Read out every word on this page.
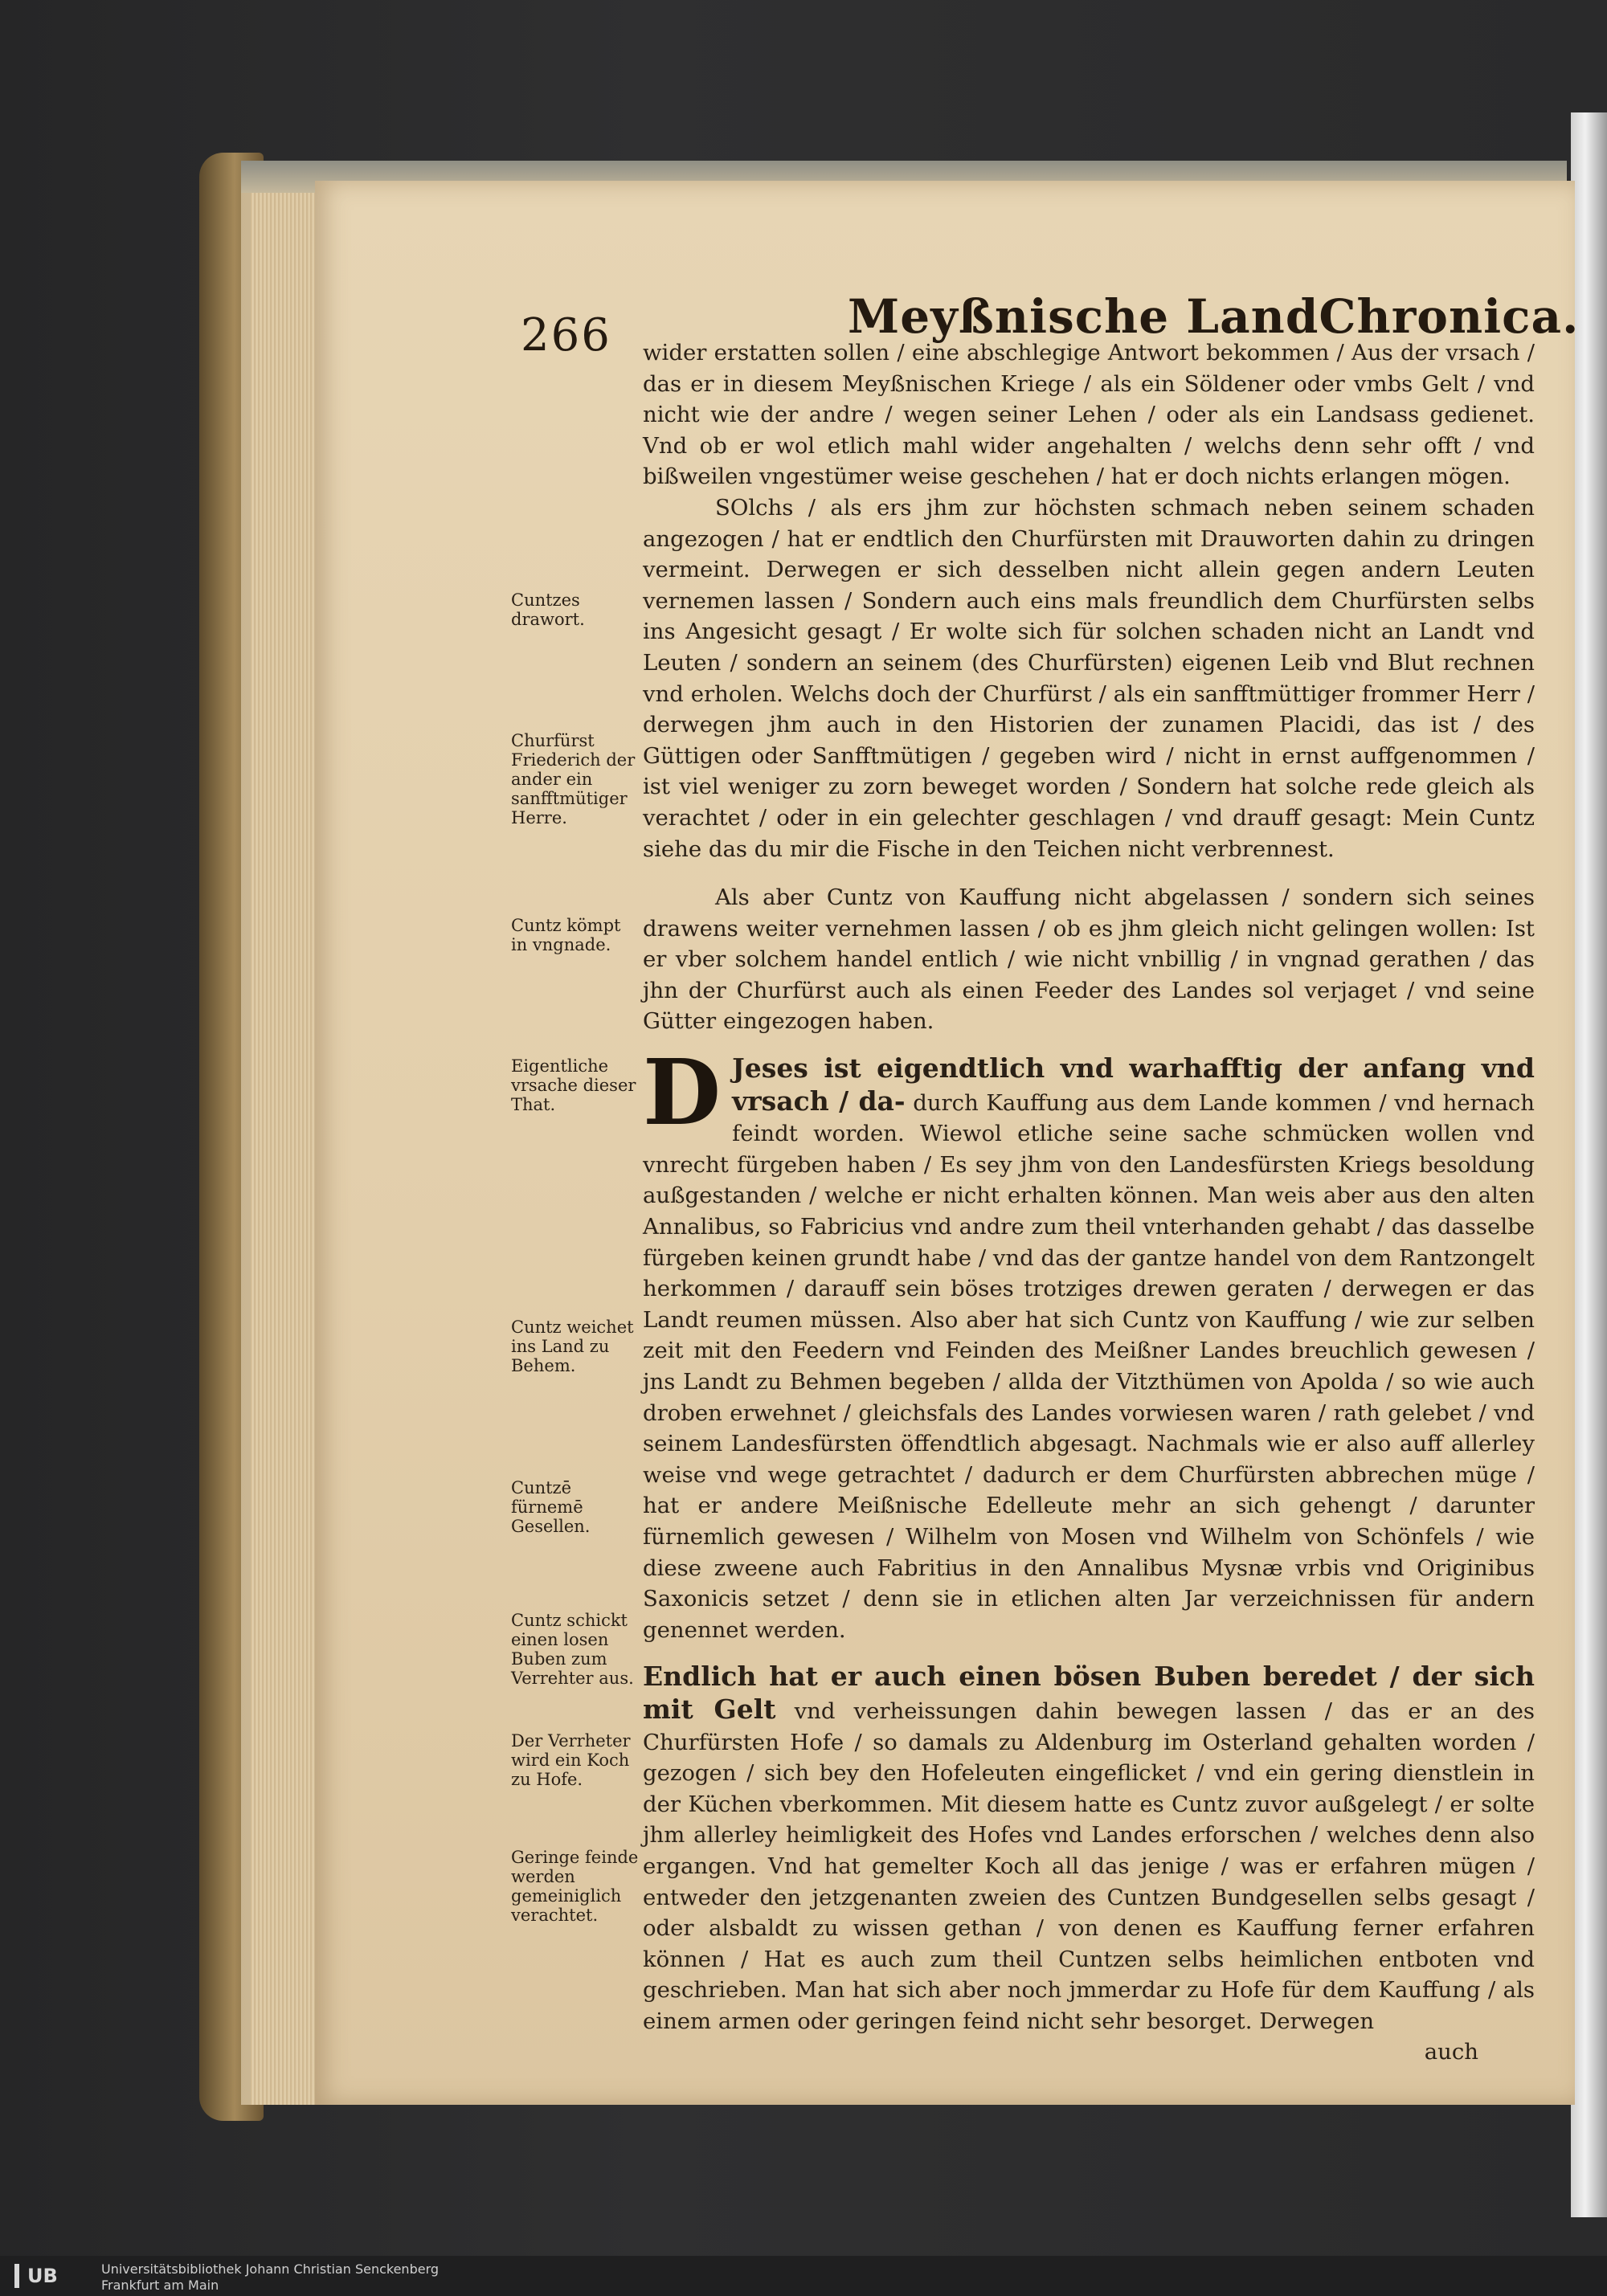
266	Meyßnische LandChronica.

wider erstatten sollen / eine abschlegige Antwort bekommen / Aus der vrsach / das er in diesem Meyßnischen Kriege / als ein Söldener oder vmbs Gelt / vnd nicht wie der andre / wegen seiner Lehen / oder als ein Landsass gedienet. Vnd ob er wol etlich mahl wider angehalten / welchs denn sehr offt / vnd bißweilen vngestümer weise geschehen / hat er doch nichts erlangen mögen.

SOlchs / als ers jhm zur höchsten schmach neben seinem schaden angezogen / hat er endtlich den Churfürsten mit Drauworten dahin zu dringen vermeint. Derwegen er sich desselben nicht allein gegen andern Leuten vernemen lassen / Sondern auch eins mals freundlich dem Churfürsten selbs ins Angesicht gesagt / Er wolte sich für solchen schaden nicht an Landt vnd Leuten / sondern an seinem (des Churfürsten) eigenen Leib vnd Blut rechnen vnd erholen. Welchs doch der Churfürst / als ein sanfftmüttiger frommer Herr / derwegen jhm auch in den Historien der zunamen Placidi, das ist / des Güttigen oder Sanfftmütigen / gegeben wird / nicht in ernst auffgenommen / ist viel weniger zu zorn beweget worden / Sondern hat solche rede gleich als verachtet / oder in ein gelechter geschlagen / vnd drauff gesagt: Mein Cuntz siehe das du mir die Fische in den Teichen nicht verbrennest.

Als aber Cuntz von Kauffung nicht abgelassen / sondern sich seines drawens weiter vernehmen lassen / ob es jhm gleich nicht gelingen wollen: Ist er vber solchem handel entlich / wie nicht vnbillig / in vngnad gerathen / das jhn der Churfürst auch als einen Feeder des Landes sol verjaget / vnd seine Gütter eingezogen haben.

D Jeses ist eigendtlich vnd warhafftig der anfang vnd vrsach / da- durch Kauffung aus dem Lande kommen / vnd hernach feindt worden. Wiewol etliche seine sache schmücken wollen vnd vnrecht fürgeben haben / Es sey jhm von den Landesfürsten Kriegs besoldung außgestanden / welche er nicht erhalten können. Man weis aber aus den alten Annalibus, so Fabricius vnd andre zum theil vnterhanden gehabt / das dasselbe fürgeben keinen grundt habe / vnd das der gantze handel von dem Rantzongelt herkommen / darauff sein böses trotziges drewen geraten / derwegen er das Landt reumen müssen. Also aber hat sich Cuntz von Kauffung / wie zur selben zeit mit den Feedern vnd Feinden des Meißner Landes breuchlich gewesen / jns Landt zu Behmen begeben / allda der Vitzthümen von Apolda / so wie auch droben erwehnet / gleichsfals des Landes vorwiesen waren / rath gelebet / vnd seinem Landesfürsten öffendtlich abgesagt. Nachmals wie er also auff allerley weise vnd wege getrachtet / dadurch er dem Churfürsten abbrechen müge / hat er andere Meißnische Edelleute mehr an sich gehengt / darunter fürnemlich gewesen / Wilhelm von Mosen vnd Wilhelm von Schönfels / wie diese zweene auch Fabritius in den Annalibus Mysnæ vrbis vnd Originibus Saxonicis setzet / denn sie in etlichen alten Jar verzeichnissen für andern genennet werden.

Endlich hat er auch einen bösen Buben beredet / der sich mit Gelt vnd verheissungen dahin bewegen lassen / das er an des Churfürsten Hofe / so damals zu Aldenburg im Osterland gehalten worden / gezogen / sich bey den Hofeleuten eingeflicket / vnd ein gering dienstlein in der Küchen vberkommen. Mit diesem hatte es Cuntz zuvor außgelegt / er solte jhm allerley heimligkeit des Hofes vnd Landes erforschen / welches denn also ergangen. Vnd hat gemelter Koch all das jenige / was er erfahren mügen / entweder den jetzgenanten zweien des Cuntzen Bundgesellen selbs gesagt / oder alsbaldt zu wissen gethan / von denen es Kauffung ferner erfahren können / Hat es auch zum theil Cuntzen selbs heimlichen entboten vnd geschrieben. Man hat sich aber noch jmmerdar zu Hofe für dem Kauffung / als einem armen oder geringen feind nicht sehr besorget. Derwegen

auch

Cuntzes drawort.
Churfürst Friederich der ander ein sanfftmütiger Herre.
Cuntz kömpt in vngnade.
Eigentliche vrsache dieser That.
Cuntz weichet ins Land zu Behem.
Cuntzē fürnemē Gesellen.
Cuntz schickt einen losen Buben zum Verrehter aus.
Der Verrheter wird ein Koch zu Hofe.
Geringe feinde werden gemeiniglich verachtet.
UB	Universitätsbibliothek Johann Christian Senckenberg
Frankfurt am Main
